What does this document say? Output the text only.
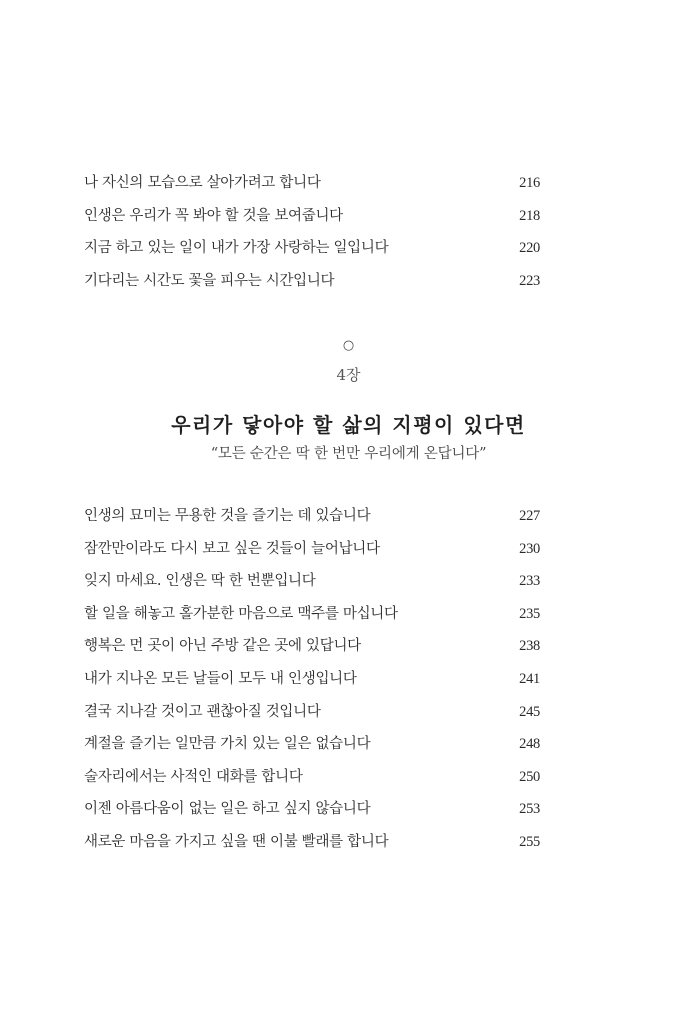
나 자신의 모습으로 살아가려고 합니다	216
인생은 우리가 꼭 봐야 할 것을 보여줍니다	218
지금 하고 있는 일이 내가 가장 사랑하는 일입니다	220
기다리는 시간도 꽃을 피우는 시간입니다	223
○
4장
우리가 닿아야 할 삶의 지평이 있다면
“모든 순간은 딱 한 번만 우리에게 온답니다”
인생의 묘미는 무용한 것을 즐기는 데 있습니다	227
잠깐만이라도 다시 보고 싶은 것들이 늘어납니다	230
잊지 마세요. 인생은 딱 한 번뿐입니다	233
할 일을 해놓고 홀가분한 마음으로 맥주를 마십니다	235
행복은 먼 곳이 아닌 주방 같은 곳에 있답니다	238
내가 지나온 모든 날들이 모두 내 인생입니다	241
결국 지나갈 것이고 괜찮아질 것입니다	245
계절을 즐기는 일만큼 가치 있는 일은 없습니다	248
술자리에서는 사적인 대화를 합니다	250
이젠 아름다움이 없는 일은 하고 싶지 않습니다	253
새로운 마음을 가지고 싶을 땐 이불 빨래를 합니다	255
